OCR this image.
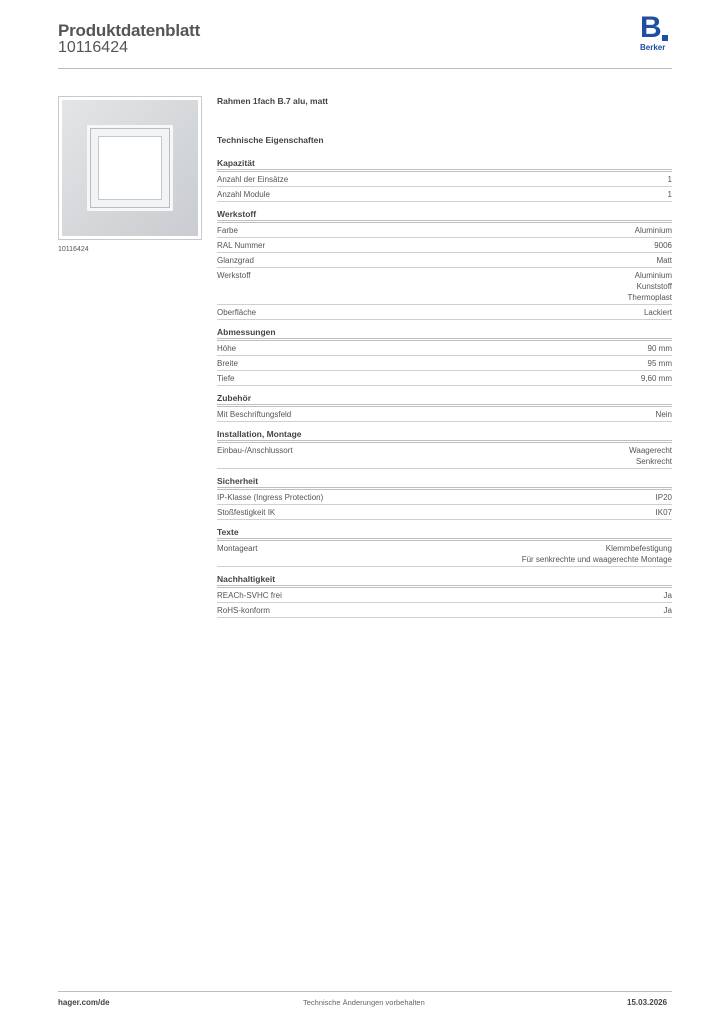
Produktdatenblatt
10116424
B
Berker
10116424
Rahmen 1fach B.7 alu, matt
Technische Eigenschaften
Kapazität
Anzahl der Einsätze	1
Anzahl Module	1
Werkstoff
Farbe	Aluminium
RAL Nummer	9006
Glanzgrad	Matt
Werkstoff	Aluminium
Kunststoff
Thermoplast
Oberfläche	Lackiert
Abmessungen
Höhe	90 mm
Breite	95 mm
Tiefe	9,60 mm
Zubehör
Mit Beschriftungsfeld	Nein
Installation, Montage
Einbau-/Anschlussort	Waagerecht
Senkrecht
Sicherheit
IP-Klasse (Ingress Protection)	IP20
Stoßfestigkeit IK	IK07
Texte
Montageart	Klemmbefestigung
Für senkrechte und waagerechte Montage
Nachhaltigkeit
REACh-SVHC frei	Ja
RoHS-konform	Ja
hager.com/de	Technische Änderungen vorbehalten	15.03.2026
